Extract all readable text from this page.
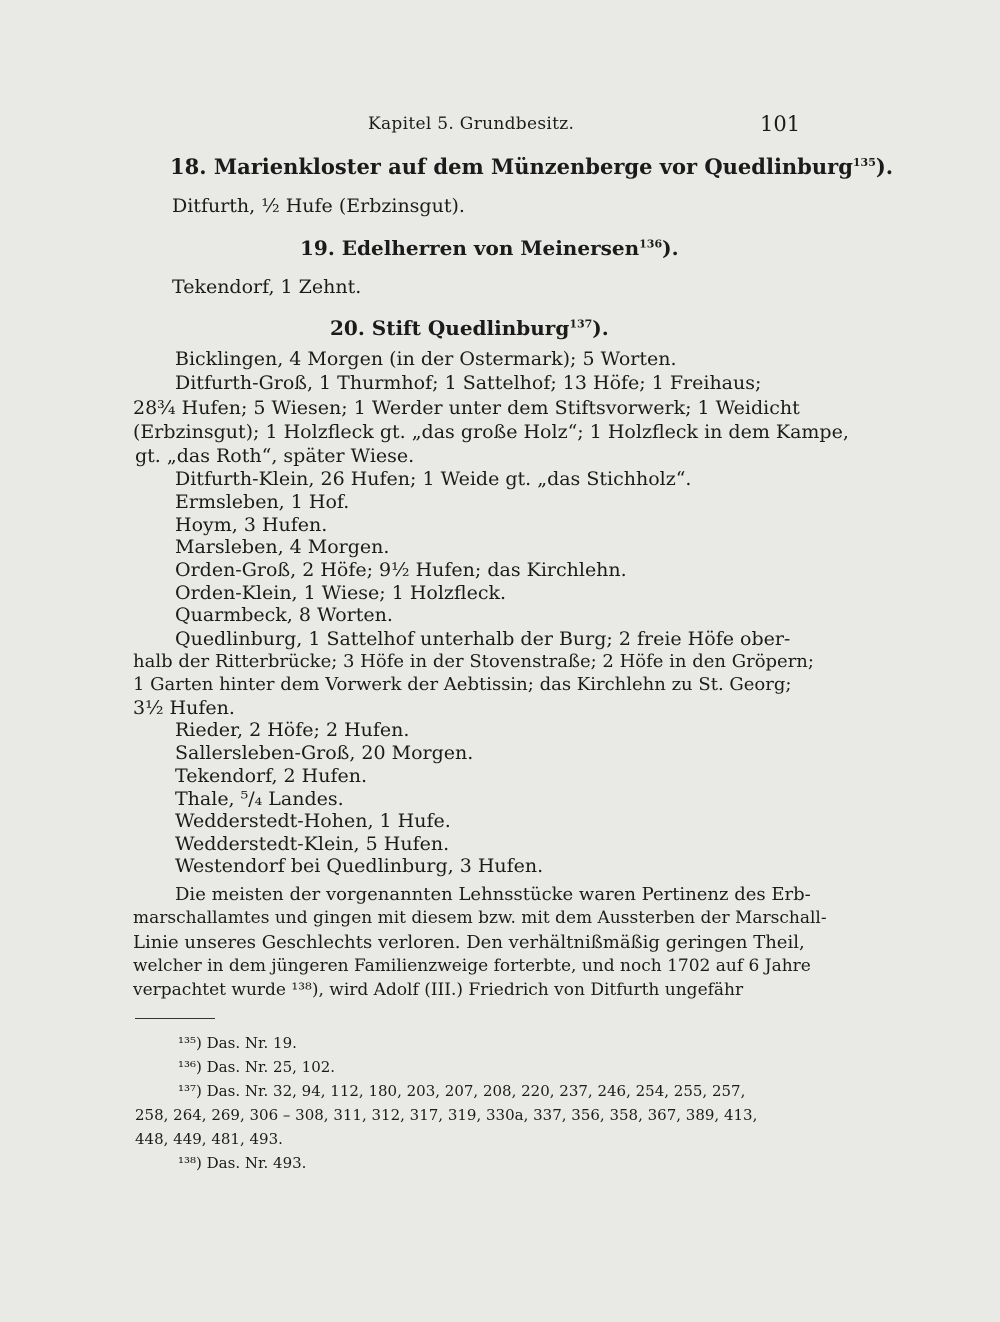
Kapitel 5. Grundbesitz.	101
18. Marienkloster auf dem Münzenberge vor Quedlinburg$^{135}$).
Ditfurth, ½ Hufe (Erbzinsgut).
19. Edelherren von Meinersen$^{136}$).
Tekendorf, 1 Zehnt.
20. Stift Quedlinburg$^{137}$).
Bicklingen, 4 Morgen (in der Ostermark); 5 Worten.
Ditfurth-Groß, 1 Thurmhof; 1 Sattelhof; 13 Höfe; 1 Freihaus;
28¾ Hufen; 5 Wiesen; 1 Werder unter dem Stiftsvorwerk; 1 Weidicht
(Erbzinsgut); 1 Holzfleck gt. „das große Holz“; 1 Holzfleck in dem Kampe,
gt. „das Roth“, später Wiese.
Ditfurth-Klein, 26 Hufen; 1 Weide gt. „das Stichholz“.
Ermsleben, 1 Hof.
Hoym, 3 Hufen.
Marsleben, 4 Morgen.
Orden-Groß, 2 Höfe; 9½ Hufen; das Kirchlehn.
Orden-Klein, 1 Wiese; 1 Holzfleck.
Quarmbeck, 8 Worten.
Quedlinburg, 1 Sattelhof unterhalb der Burg; 2 freie Höfe ober-
halb der Ritterbrücke; 3 Höfe in der Stovenstraße; 2 Höfe in den Gröpern;
1 Garten hinter dem Vorwerk der Aebtissin; das Kirchlehn zu St. Georg;
3½ Hufen.
Rieder, 2 Höfe; 2 Hufen.
Sallersleben-Groß, 20 Morgen.
Tekendorf, 2 Hufen.
Thale, ⁵/₄ Landes.
Wedderstedt-Hohen, 1 Hufe.
Wedderstedt-Klein, 5 Hufen.
Westendorf bei Quedlinburg, 3 Hufen.
Die meisten der vorgenannten Lehnsstücke waren Pertinenz des Erb-
marschallamtes und gingen mit diesem bzw. mit dem Aussterben der Marschall-
Linie unseres Geschlechts verloren. Den verhältnißmäßig geringen Theil,
welcher in dem jüngeren Familienzweige forterbte, und noch 1702 auf 6 Jahre
verpachtet wurde ¹³⁸), wird Adolf (III.) Friedrich von Ditfurth ungefähr
¹³⁵) Das. Nr. 19.
¹³⁶) Das. Nr. 25, 102.
¹³⁷) Das. Nr. 32, 94, 112, 180, 203, 207, 208, 220, 237, 246, 254, 255, 257,
258, 264, 269, 306 – 308, 311, 312, 317, 319, 330a, 337, 356, 358, 367, 389, 413,
448, 449, 481, 493.
¹³⁸) Das. Nr. 493.
